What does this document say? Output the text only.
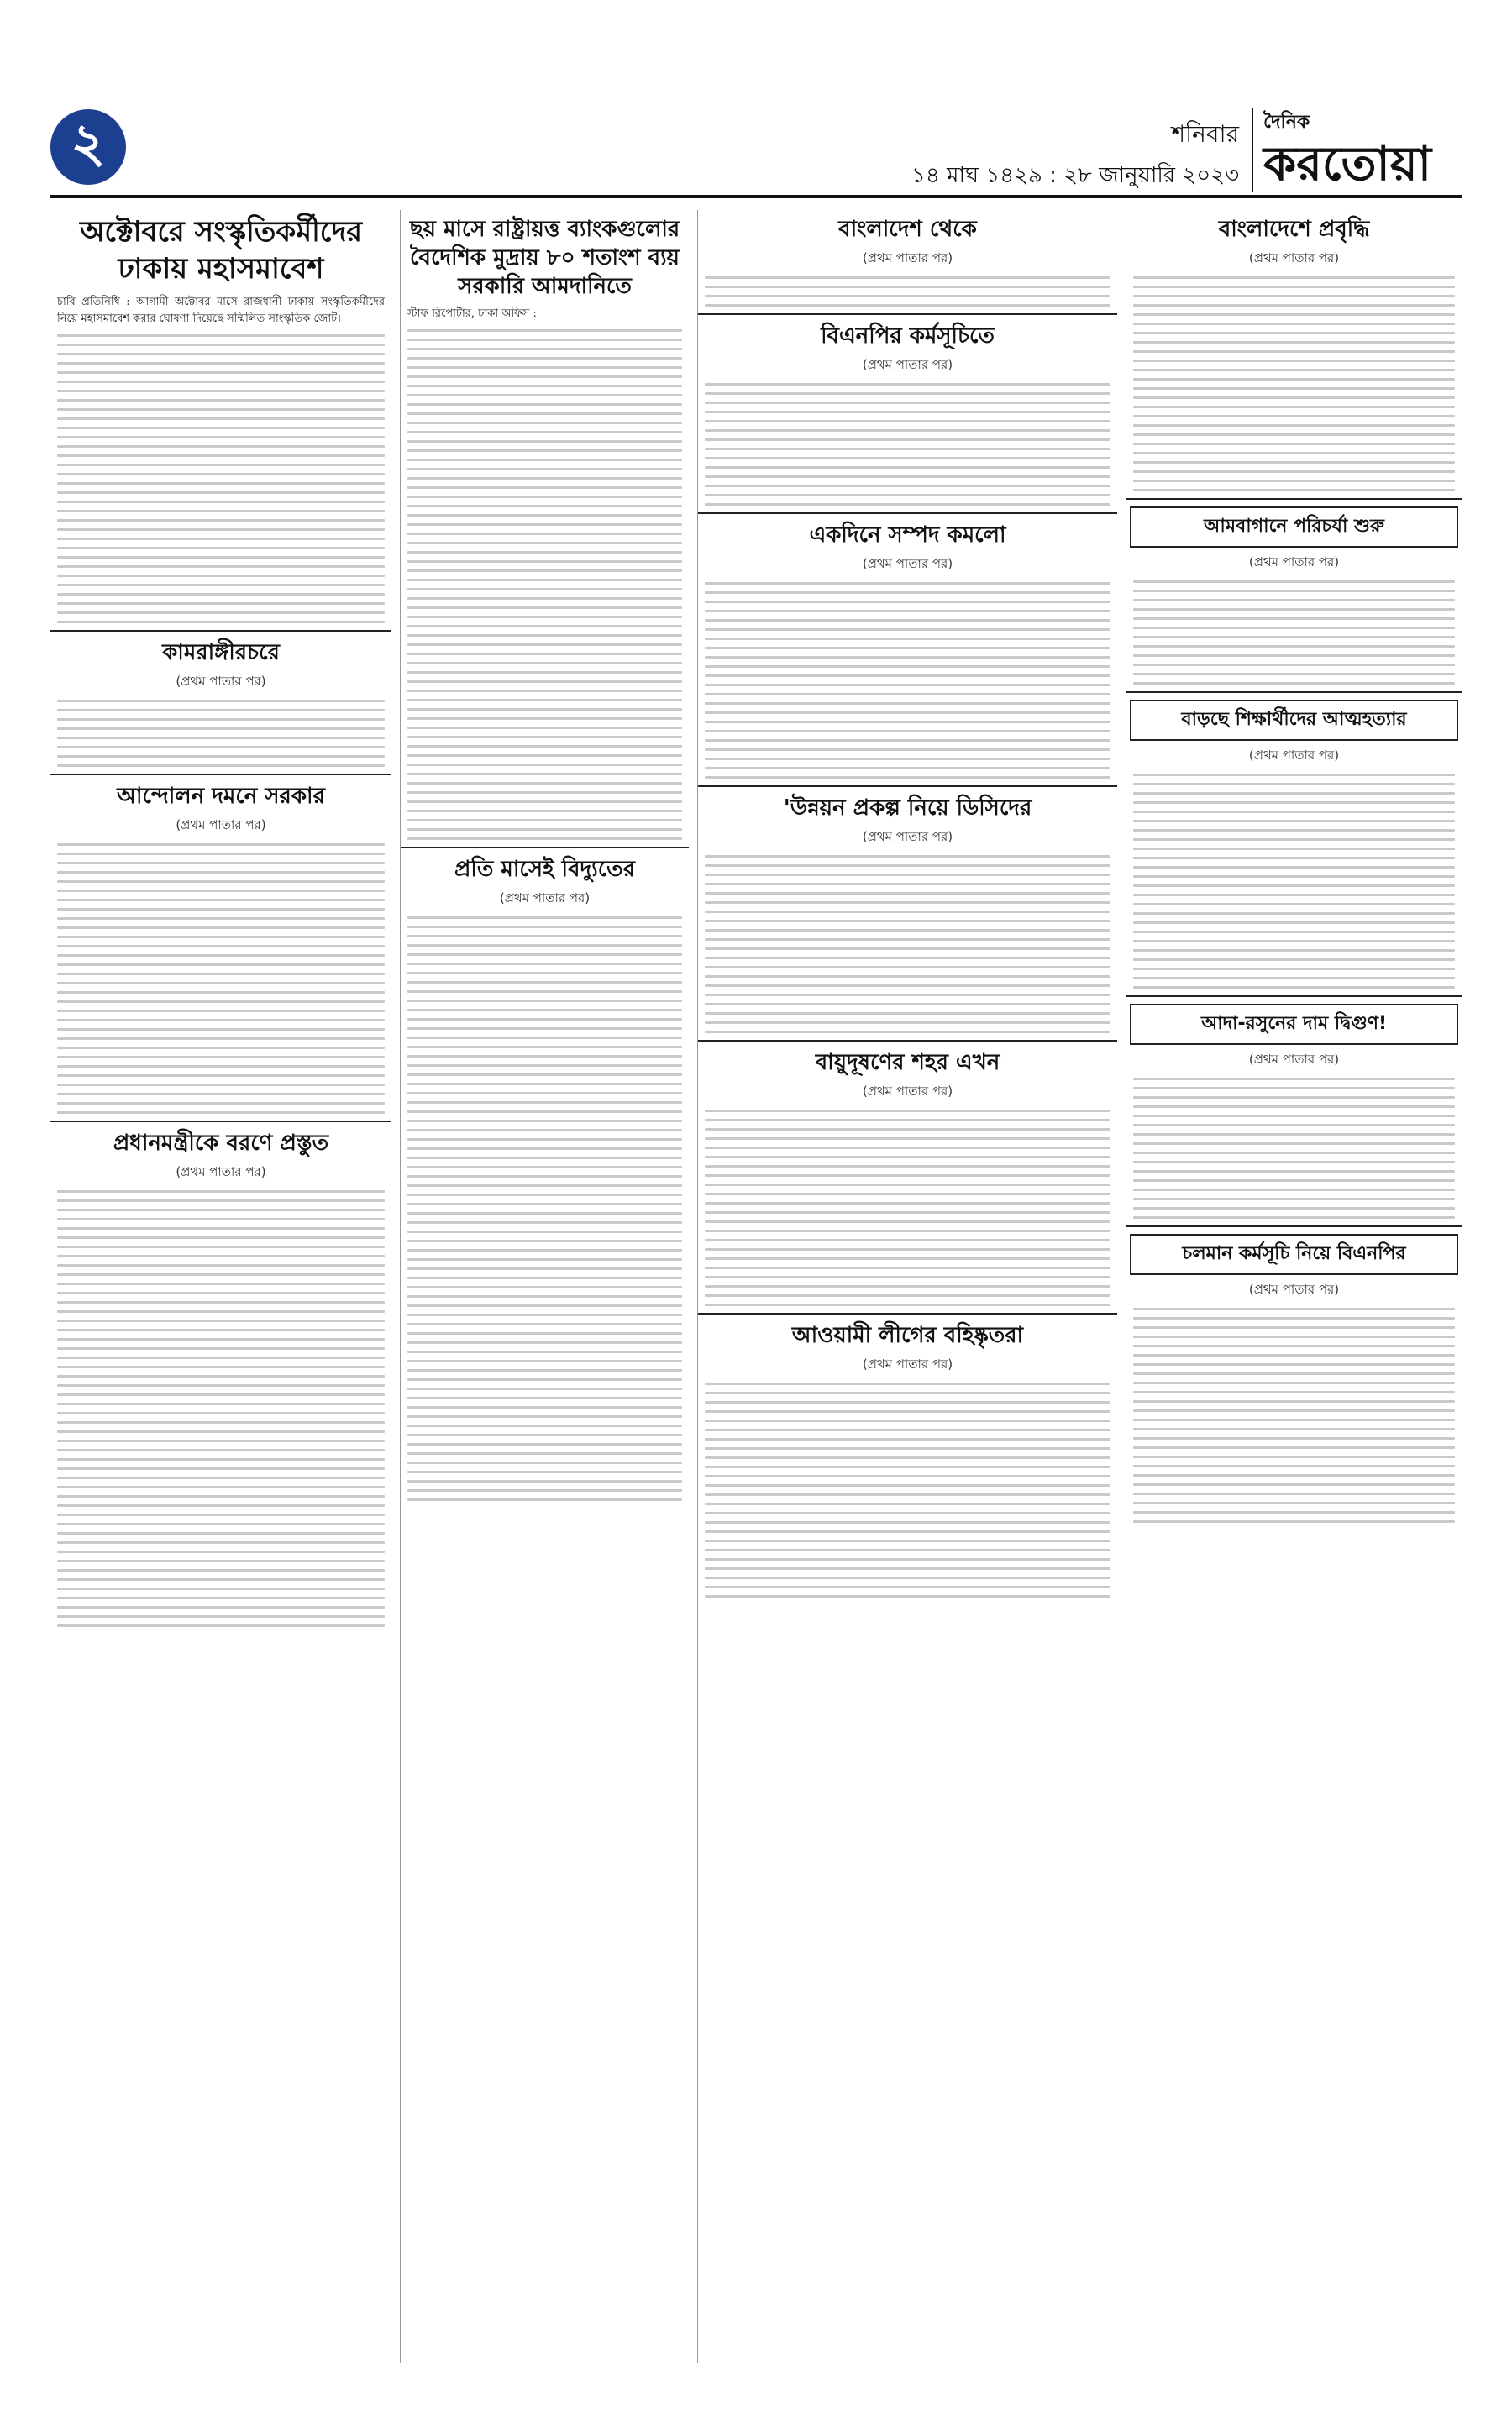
২	শনিবার
১৪ মাঘ ১৪২৯ : ২৮ জানুয়ারি ২০২৩
দৈনিক
করতোয়া
অক্টোবরে সংস্কৃতিকর্মীদের ঢাকায় মহাসমাবেশ

চাবি প্রতিনিধি : আগামী অক্টোবর মাসে রাজধানী ঢাকায় সংস্কৃতিকর্মীদের নিয়ে মহাসমাবেশ করার ঘোষণা দিয়েছে সম্মিলিত সাংস্কৃতিক জোট।

কামরাঙ্গীরচরে
(প্রথম পাতার পর)
আন্দোলন দমনে সরকার
(প্রথম পাতার পর)
প্রধানমন্ত্রীকে বরণে প্রস্তুত
(প্রথম পাতার পর)
ছয় মাসে রাষ্ট্রায়ত্ত ব্যাংকগুলোর বৈদেশিক মুদ্রায় ৮০ শতাংশ ব্যয় সরকারি আমদানিতে

স্টাফ রিপোর্টার, ঢাকা অফিস :

প্রতি মাসেই বিদ্যুতের
(প্রথম পাতার পর)
বাংলাদেশ থেকে
(প্রথম পাতার পর)
বিএনপির কর্মসূচিতে
(প্রথম পাতার পর)
একদিনে সম্পদ কমলো
(প্রথম পাতার পর)
'উন্নয়ন প্রকল্প নিয়ে ডিসিদের
(প্রথম পাতার পর)
বায়ুদূষণের শহর এখন
(প্রথম পাতার পর)
আওয়ামী লীগের বহিষ্কৃতরা
(প্রথম পাতার পর)
বাংলাদেশে প্রবৃদ্ধি
(প্রথম পাতার পর)
আমবাগানে পরিচর্যা শুরু
(প্রথম পাতার পর)
বাড়ছে শিক্ষার্থীদের আত্মহত্যার
(প্রথম পাতার পর)
আদা-রসুনের দাম দ্বিগুণ!
(প্রথম পাতার পর)
চলমান কর্মসূচি নিয়ে বিএনপির
(প্রথম পাতার পর)
